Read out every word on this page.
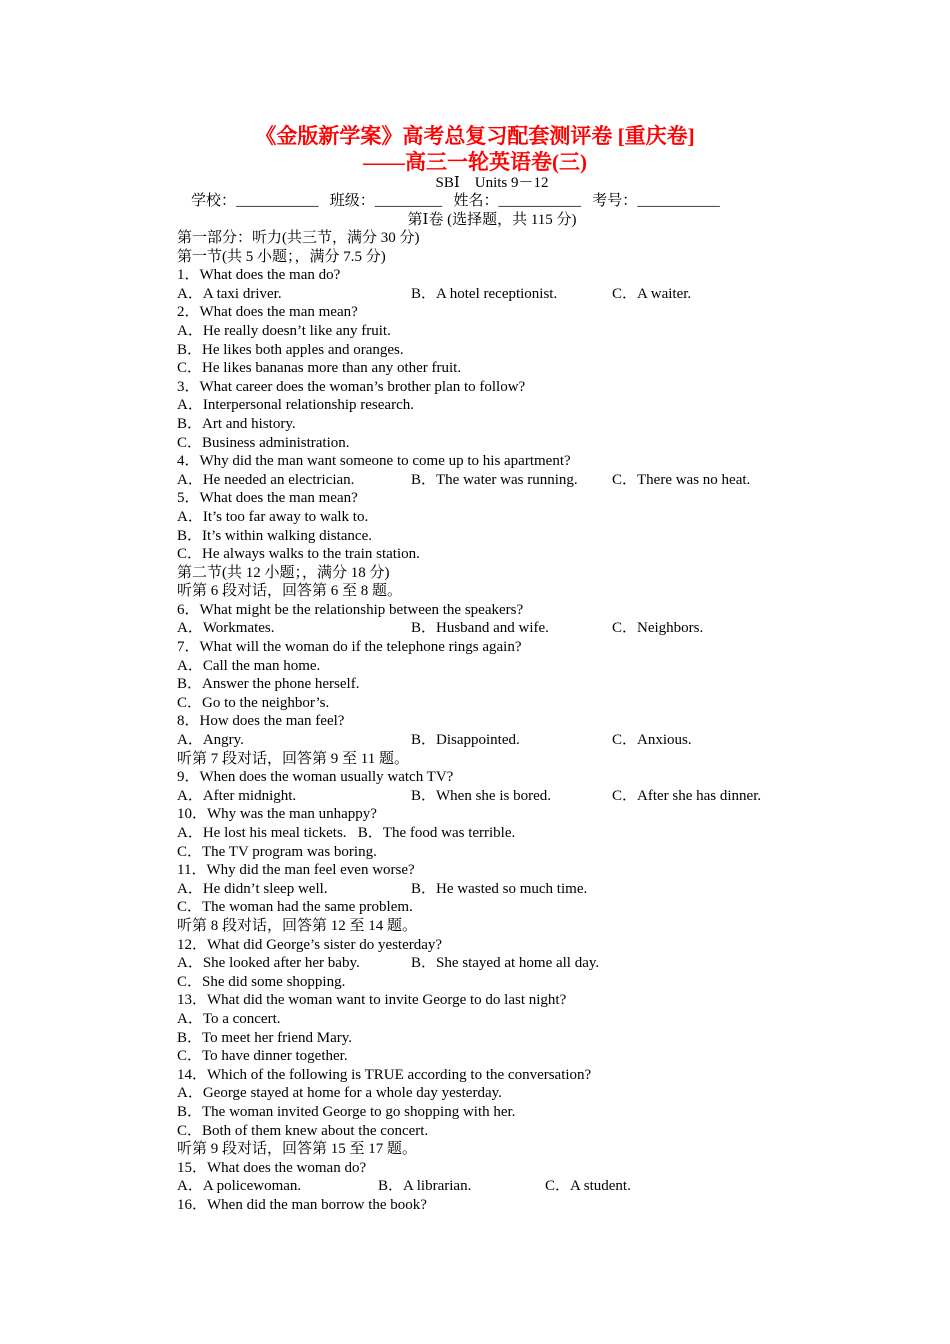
《金版新学案》高考总复习配套测评卷 [重庆卷]
——高三一轮英语卷(三)
SBⅠ　Units 9－12
学校：___________ 班级：_________ 姓名：___________ 考号：___________
第Ⅰ卷 (选择题，共 115 分)
第一部分：听力(共三节，满分 30 分)
第一节(共 5 小题；，满分 7.5 分)
1．What does the man do?
A．A taxi driver.	B．A hotel receptionist.	C．A waiter.
2．What does the man mean?
A．He really doesn’t like any fruit.
B．He likes both apples and oranges.
C．He likes bananas more than any other fruit.
3．What career does the woman’s brother plan to follow?
A．Interpersonal relationship research.
B．Art and history.
C．Business administration.
4．Why did the man want someone to come up to his apartment?
A．He needed an electrician.	B．The water was running. C．There was no heat.
5．What does the man mean?
A．It’s too far away to walk to.
B．It’s within walking distance.
C．He always walks to the train station.
第二节(共 12 小题；，满分 18 分)
听第 6 段对话，回答第 6 至 8 题。
6．What might be the relationship between the speakers?
A．Workmates.	B．Husband and wife.	C．Neighbors.
7．What will the woman do if the telephone rings again?
A．Call the man home.
B．Answer the phone herself.
C．Go to the neighbor’s.
8．How does the man feel?
A．Angry.	B．Disappointed.	C．Anxious.
听第 7 段对话，回答第 9 至 11 题。
9．When does the woman usually watch TV?
A．After midnight.	B．When she is bored.	C．After she has dinner.
10．Why was the man unhappy?
A．He lost his meal tickets.   B．The food was terrible.
C．The TV program was boring.
11．Why did the man feel even worse?
A．He didn’t sleep well.	B．He wasted so much time.
C．The woman had the same problem.
听第 8 段对话，回答第 12 至 14 题。
12．What did George’s sister do yesterday?
A．She looked after her baby.	B．She stayed at home all day.
C．She did some shopping.
13．What did the woman want to invite George to do last night?
A．To a concert.
B．To meet her friend Mary.
C．To have dinner together.
14．Which of the following is TRUE according to the conversation?
A．George stayed at home for a whole day yesterday.
B．The woman invited George to go shopping with her.
C．Both of them knew about the concert.
听第 9 段对话，回答第 15 至 17 题。
15．What does the woman do?
A．A policewoman.	B．A librarian.	C．A student.
16．When did the man borrow the book?
